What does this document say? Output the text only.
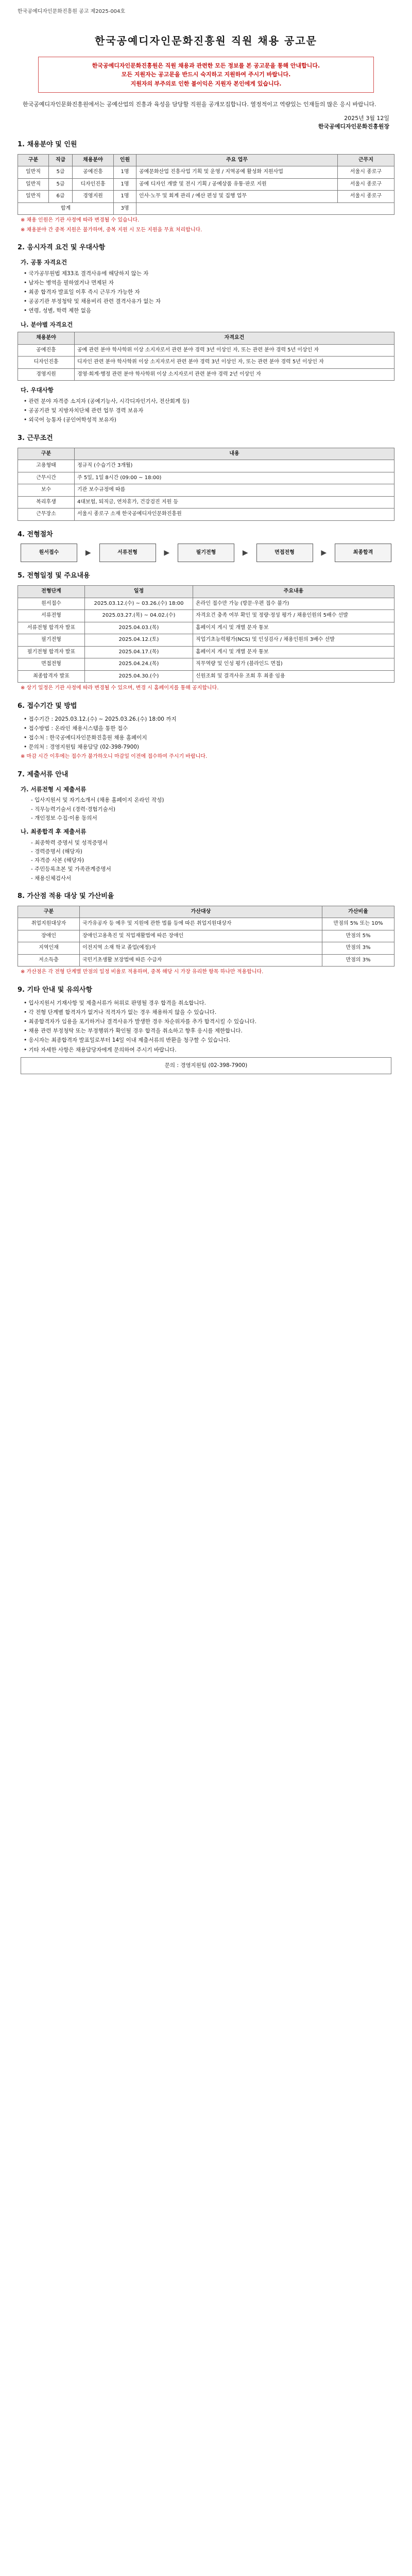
한국공예디자인문화진흥원 공고 제2025-004호
한국공예디자인문화진흥원 직원 채용 공고문
한국공예디자인문화진흥원은 직원 채용과 관련한 모든 정보를 본 공고문을 통해 안내합니다.
모든 지원자는 공고문을 반드시 숙지하고 지원하여 주시기 바랍니다.
지원자의 부주의로 인한 불이익은 지원자 본인에게 있습니다.

한국공예디자인문화진흥원에서는 공예산업의 진흥과 육성을 담당할 직원을 공개모집합니다. 열정적이고 역량있는 인재들의 많은 응시 바랍니다.

2025년 3월 12일
한국공예디자인문화진흥원장
1. 채용분야 및 인원
구분	직급	채용분야	인원	주요 업무	근무지
일반직	5급	공예진흥	1명	공예문화산업 진흥사업 기획 및 운영 / 지역공예 활성화 지원사업	서울시 종로구
일반직	5급	디자인진흥	1명	공예 디자인 개발 및 전시 기획 / 공예상품 유통·판로 지원	서울시 종로구
일반직	6급	경영지원	1명	인사·노무 및 회계 관리 / 예산 편성 및 집행 업무	서울시 종로구
합계			3명		
※ 채용 인원은 기관 사정에 따라 변경될 수 있습니다.
※ 채용분야 간 중복 지원은 불가하며, 중복 지원 시 모든 지원을 무효 처리합니다.
2. 응시자격 요건 및 우대사항
가. 공통 자격요건
• 국가공무원법 제33조 결격사유에 해당하지 않는 자
• 남자는 병역을 필하였거나 면제된 자
• 최종 합격자 발표일 이후 즉시 근무가 가능한 자
• 공공기관 부정청탁 및 채용비리 관련 결격사유가 없는 자
• 연령, 성별, 학력 제한 없음
나. 분야별 자격요건
채용분야	자격요건
공예진흥	공예 관련 분야 학사학위 이상 소지자로서 관련 분야 경력 3년 이상인 자, 또는 관련 분야 경력 5년 이상인 자
디자인진흥	디자인 관련 분야 학사학위 이상 소지자로서 관련 분야 경력 3년 이상인 자, 또는 관련 분야 경력 5년 이상인 자
경영지원	경영·회계·행정 관련 분야 학사학위 이상 소지자로서 관련 분야 경력 2년 이상인 자
다. 우대사항
• 관련 분야 자격증 소지자 (공예기능사, 시각디자인기사, 전산회계 등)
• 공공기관 및 지방자치단체 관련 업무 경력 보유자
• 외국어 능통자 (공인어학성적 보유자)
3. 근무조건
구분	내용
고용형태	정규직 (수습기간 3개월)
근무시간	주 5일, 1일 8시간 (09:00 ~ 18:00)
보수	기관 보수규정에 따름
복리후생	4대보험, 퇴직금, 연차휴가, 건강검진 지원 등
근무장소	서울시 종로구 소재 한국공예디자인문화진흥원
4. 전형절차
원서접수	▶	서류전형	▶	필기전형	▶	면접전형	▶	최종합격
5. 전형일정 및 주요내용
전형단계	일정	주요내용
원서접수	2025.03.12.(수) ~ 03.26.(수) 18:00	온라인 접수만 가능 (방문·우편 접수 불가)
서류전형	2025.03.27.(목) ~ 04.02.(수)	자격요건 충족 여부 확인 및 정량·정성 평가 / 채용인원의 5배수 선발
서류전형 합격자 발표	2025.04.03.(목)	홈페이지 게시 및 개별 문자 통보
필기전형	2025.04.12.(토)	직업기초능력평가(NCS) 및 인성검사 / 채용인원의 3배수 선발
필기전형 합격자 발표	2025.04.17.(목)	홈페이지 게시 및 개별 문자 통보
면접전형	2025.04.24.(목)	직무역량 및 인성 평가 (블라인드 면접)
최종합격자 발표	2025.04.30.(수)	신원조회 및 결격사유 조회 후 최종 임용
※ 상기 일정은 기관 사정에 따라 변경될 수 있으며, 변경 시 홈페이지를 통해 공지합니다.
6. 접수기간 및 방법
• 접수기간 : 2025.03.12.(수) ~ 2025.03.26.(수) 18:00 까지
• 접수방법 : 온라인 채용시스템을 통한 접수
• 접수처 : 한국공예디자인문화진흥원 채용 홈페이지
• 문의처 : 경영지원팀 채용담당 (02-398-7900)
※ 마감 시간 이후에는 접수가 불가하오니 마감일 이전에 접수하여 주시기 바랍니다.
7. 제출서류 안내
가. 서류전형 시 제출서류
- 입사지원서 및 자기소개서 (채용 홈페이지 온라인 작성)
- 직무능력기술서 (경력·경험기술서)
- 개인정보 수집·이용 동의서
나. 최종합격 후 제출서류
- 최종학력 증명서 및 성적증명서
- 경력증명서 (해당자)
- 자격증 사본 (해당자)
- 주민등록초본 및 가족관계증명서
- 채용신체검사서
8. 가산점 적용 대상 및 가산비율
구분	가산대상	가산비율
취업지원대상자	국가유공자 등 예우 및 지원에 관한 법률 등에 따른 취업지원대상자	만점의 5% 또는 10%
장애인	장애인고용촉진 및 직업재활법에 따른 장애인	만점의 5%
지역인재	이전지역 소재 학교 졸업(예정)자	만점의 3%
저소득층	국민기초생활 보장법에 따른 수급자	만점의 3%
※ 가산점은 각 전형 단계별 만점의 일정 비율로 적용하며, 중복 해당 시 가장 유리한 항목 하나만 적용합니다.
9. 기타 안내 및 유의사항
• 입사지원서 기재사항 및 제출서류가 허위로 판명될 경우 합격을 취소합니다.
• 각 전형 단계별 합격자가 없거나 적격자가 없는 경우 채용하지 않을 수 있습니다.
• 최종합격자가 임용을 포기하거나 결격사유가 발생한 경우 차순위자를 추가 합격시킬 수 있습니다.
• 채용 관련 부정청탁 또는 부정행위가 확인될 경우 합격을 취소하고 향후 응시를 제한합니다.
• 응시자는 최종합격자 발표일로부터 14일 이내 제출서류의 반환을 청구할 수 있습니다.
• 기타 자세한 사항은 채용담당자에게 문의하여 주시기 바랍니다.
문의 : 경영지원팀 (02-398-7900)
